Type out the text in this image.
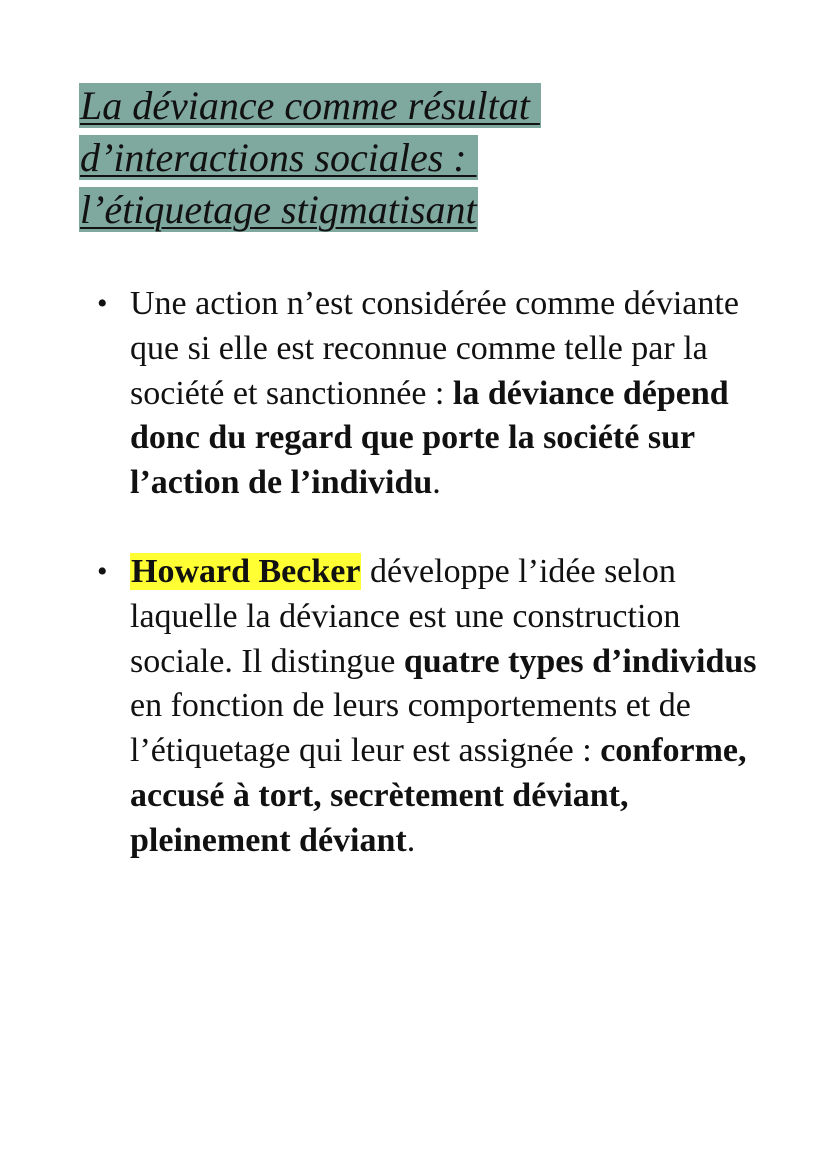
La déviance comme résultat
d’interactions sociales :
l’étiquetage stigmatisant
• Une action n’est considérée comme déviante que si elle est reconnue comme telle par la société et sanctionnée : la déviance dépend donc du regard que porte la société sur l’action de l’individu.
• Howard Becker développe l’idée selon laquelle la déviance est une construction sociale. Il distingue quatre types d’individus en fonction de leurs comportements et de l’étiquetage qui leur est assignée : conforme, accusé à tort, secrètement déviant, pleinement déviant.
